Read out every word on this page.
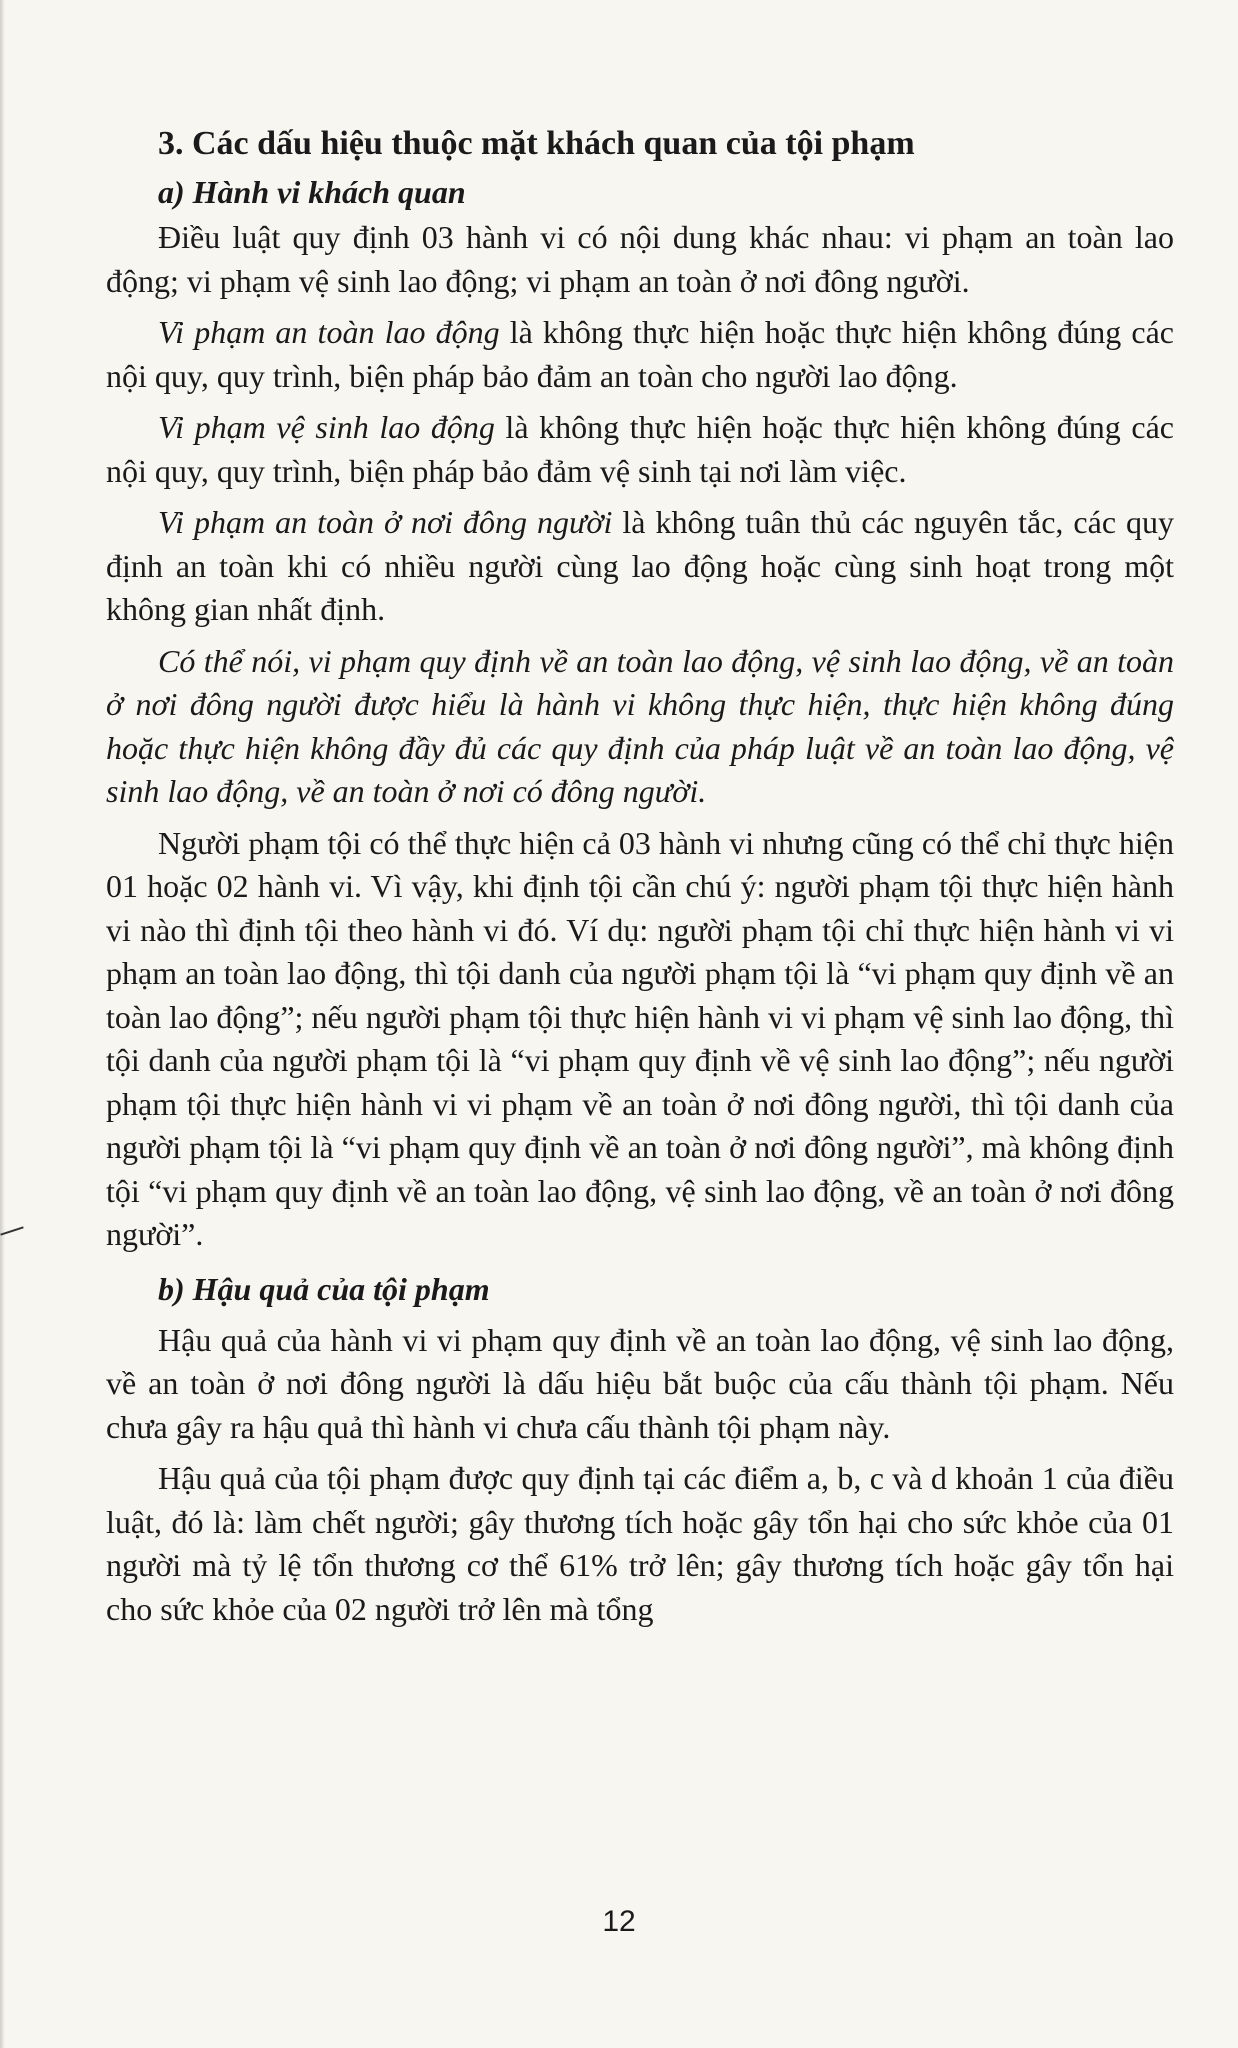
3. Các dấu hiệu thuộc mặt khách quan của tội phạm
a) Hành vi khách quan

Điều luật quy định 03 hành vi có nội dung khác nhau: vi phạm an toàn lao động; vi phạm vệ sinh lao động; vi phạm an toàn ở nơi đông người.

Vi phạm an toàn lao động là không thực hiện hoặc thực hiện không đúng các nội quy, quy trình, biện pháp bảo đảm an toàn cho người lao động.

Vi phạm vệ sinh lao động là không thực hiện hoặc thực hiện không đúng các nội quy, quy trình, biện pháp bảo đảm vệ sinh tại nơi làm việc.

Vi phạm an toàn ở nơi đông người là không tuân thủ các nguyên tắc, các quy định an toàn khi có nhiều người cùng lao động hoặc cùng sinh hoạt trong một không gian nhất định.

Có thể nói, vi phạm quy định về an toàn lao động, vệ sinh lao động, về an toàn ở nơi đông người được hiểu là hành vi không thực hiện, thực hiện không đúng hoặc thực hiện không đầy đủ các quy định của pháp luật về an toàn lao động, vệ sinh lao động, về an toàn ở nơi có đông người.

Người phạm tội có thể thực hiện cả 03 hành vi nhưng cũng có thể chỉ thực hiện 01 hoặc 02 hành vi. Vì vậy, khi định tội cần chú ý: người phạm tội thực hiện hành vi nào thì định tội theo hành vi đó. Ví dụ: người phạm tội chỉ thực hiện hành vi vi phạm an toàn lao động, thì tội danh của người phạm tội là “vi phạm quy định về an toàn lao động”; nếu người phạm tội thực hiện hành vi vi phạm vệ sinh lao động, thì tội danh của người phạm tội là “vi phạm quy định về vệ sinh lao động”; nếu người phạm tội thực hiện hành vi vi phạm về an toàn ở nơi đông người, thì tội danh của người phạm tội là “vi phạm quy định về an toàn ở nơi đông người”, mà không định tội “vi phạm quy định về an toàn lao động, vệ sinh lao động, về an toàn ở nơi đông người”.

b) Hậu quả của tội phạm

Hậu quả của hành vi vi phạm quy định về an toàn lao động, vệ sinh lao động, về an toàn ở nơi đông người là dấu hiệu bắt buộc của cấu thành tội phạm. Nếu chưa gây ra hậu quả thì hành vi chưa cấu thành tội phạm này.

Hậu quả của tội phạm được quy định tại các điểm a, b, c và d khoản 1 của điều luật, đó là: làm chết người; gây thương tích hoặc gây tổn hại cho sức khỏe của 01 người mà tỷ lệ tổn thương cơ thể 61% trở lên; gây thương tích hoặc gây tổn hại cho sức khỏe của 02 người trở lên mà tổng

12
